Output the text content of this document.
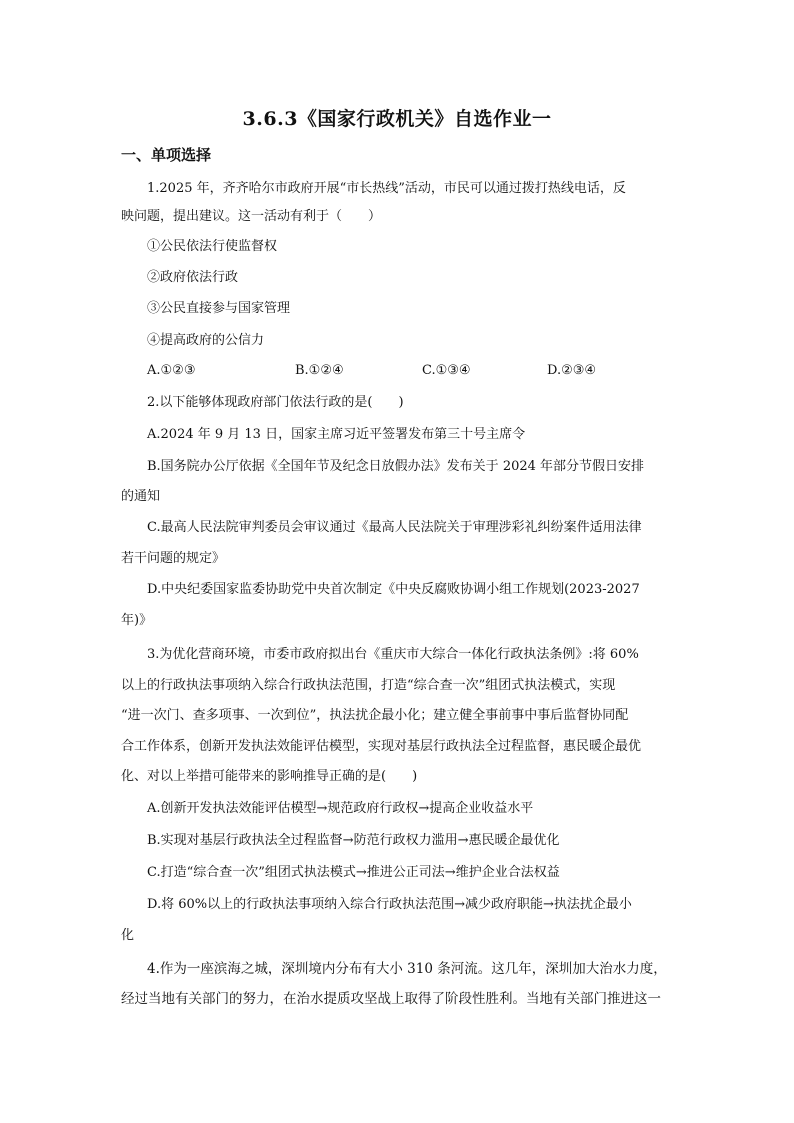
3.6.3《国家行政机关》自选作业一
一、单项选择
1.2025 年，齐齐哈尔市政府开展“市长热线”活动，市民可以通过拨打热线电话，反
映问题，提出建议。这一活动有利于（　　）
①公民依法行使监督权
②政府依法行政
③公民直接参与国家管理
④提高政府的公信力
A.①②③	B.①②④	C.①③④	D.②③④
2.以下能够体现政府部门依法行政的是(　　)
A.2024 年 9 月 13 日，国家主席习近平签署发布第三十号主席令
B.国务院办公厅依据《全国年节及纪念日放假办法》发布关于 2024 年部分节假日安排
的通知
C.最高人民法院审判委员会审议通过《最高人民法院关于审理涉彩礼纠纷案件适用法律
若干问题的规定》
D.中央纪委国家监委协助党中央首次制定《中央反腐败协调小组工作规划(2023-2027
年)》
3.为优化营商环境，市委市政府拟出台《重庆市大综合一体化行政执法条例》:将 60%
以上的行政执法事项纳入综合行政执法范围，打造“综合查一次”组团式执法模式，实现
“进一次门、查多项事、一次到位”，执法扰企最小化；建立健全事前事中事后监督协同配
合工作体系，创新开发执法效能评估模型，实现对基层行政执法全过程监督，惠民暖企最优
化、对以上举措可能带来的影响推导正确的是(　　)
A.创新开发执法效能评估模型→规范政府行政权→提高企业收益水平
B.实现对基层行政执法全过程监督→防范行政权力滥用→惠民暖企最优化
C.打造“综合查一次”组团式执法模式→推进公正司法→维护企业合法权益
D.将 60%以上的行政执法事项纳入综合行政执法范围→减少政府职能→执法扰企最小
化
4.作为一座滨海之城，深圳境内分布有大小 310 条河流。这几年，深圳加大治水力度，
经过当地有关部门的努力，在治水提质攻坚战上取得了阶段性胜利。当地有关部门推进这一
